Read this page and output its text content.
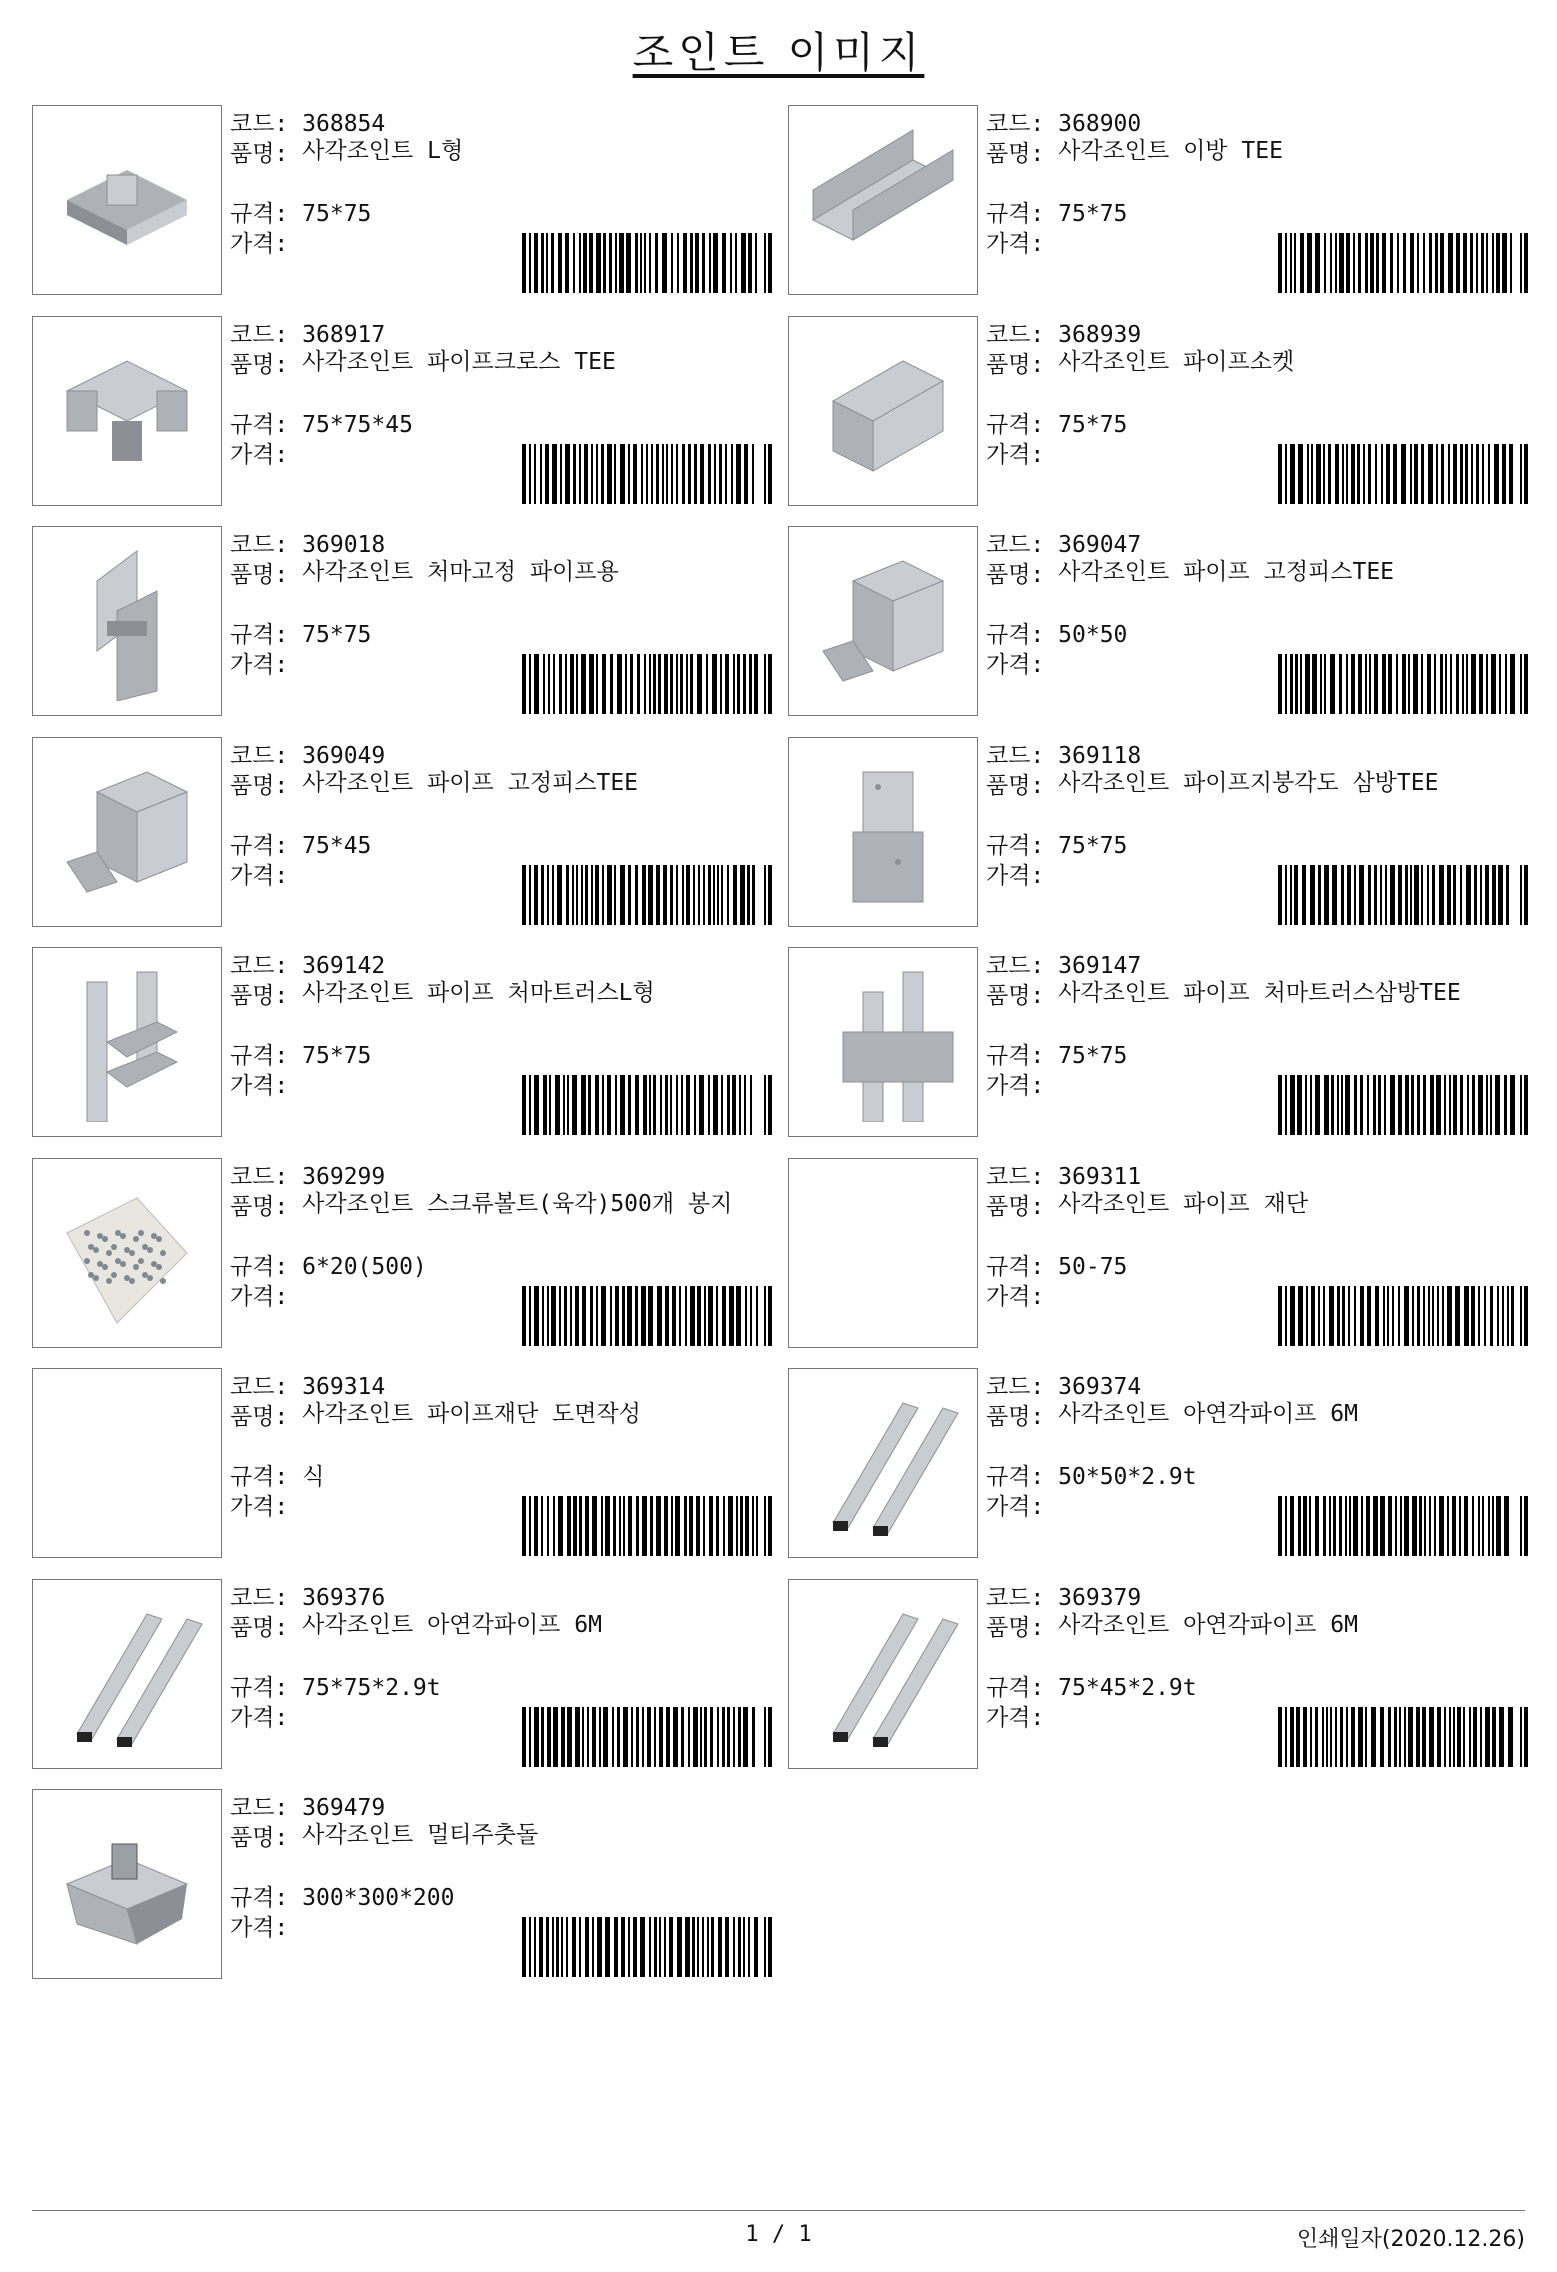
조인트 이미지
코드: 368854
품명:
사각조인트 L형
규격: 75*75
가격:
코드: 368900
품명:
사각조인트 이방 TEE
규격: 75*75
가격:
코드: 368917
품명:
사각조인트 파이프크로스 TEE
규격: 75*75*45
가격:
코드: 368939
품명:
사각조인트 파이프소켓
규격: 75*75
가격:
코드: 369018
품명:
사각조인트 처마고정 파이프용
규격: 75*75
가격:
코드: 369047
품명:
사각조인트 파이프 고정피스TEE
규격: 50*50
가격:
코드: 369049
품명:
사각조인트 파이프 고정피스TEE
규격: 75*45
가격:
코드: 369118
품명:
사각조인트 파이프지붕각도 삼방TEE
규격: 75*75
가격:
코드: 369142
품명:
사각조인트 파이프 처마트러스L형
규격: 75*75
가격:
코드: 369147
품명:
사각조인트 파이프 처마트러스삼방TEE
규격: 75*75
가격:
코드: 369299
품명:
사각조인트 스크류볼트(육각)500개 봉지
규격: 6*20(500)
가격:
코드: 369311
품명:
사각조인트 파이프 재단
규격: 50-75
가격:
코드: 369314
품명:
사각조인트 파이프재단 도면작성
규격: 식
가격:
코드: 369374
품명:
사각조인트 아연각파이프 6M
규격: 50*50*2.9t
가격:
코드: 369376
품명:
사각조인트 아연각파이프 6M
규격: 75*75*2.9t
가격:
코드: 369379
품명:
사각조인트 아연각파이프 6M
규격: 75*45*2.9t
가격:
코드: 369479
품명:
사각조인트 멀티주춧돌
규격: 300*300*200
가격:
1 / 1	인쇄일자(2020.12.26)
